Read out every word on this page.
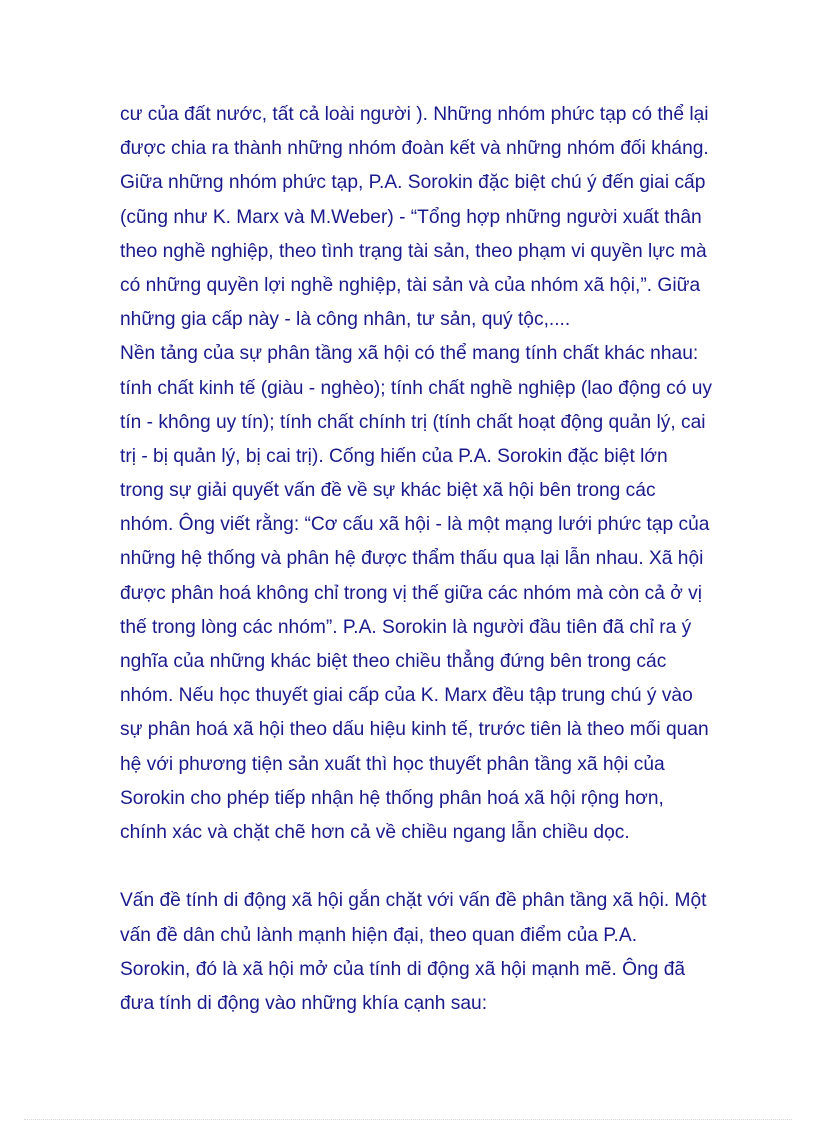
cư của đất nước, tất cả loài người ). Những nhóm phức tạp có thể lại
được chia ra thành những nhóm đoàn kết và những nhóm đối kháng.
Giữa những nhóm phức tạp, P.A. Sorokin đặc biệt chú ý đến giai cấp
(cũng như K. Marx và M.Weber) - “Tổng hợp những người xuất thân
theo nghề nghiệp, theo tình trạng tài sản, theo phạm vi quyền lực mà
có những quyền lợi nghề nghiệp, tài sản và của nhóm xã hội,”. Giữa
những gia cấp này - là công nhân, tư sản, quý tộc,....
Nền tảng của sự phân tầng xã hội có thể mang tính chất khác nhau:
tính chất kinh tế (giàu - nghèo); tính chất nghề nghiệp (lao động có uy
tín - không uy tín); tính chất chính trị (tính chất hoạt động quản lý, cai
trị - bị quản lý, bị cai trị). Cống hiến của P.A. Sorokin đặc biệt lớn
trong sự giải quyết vấn đề về sự khác biệt xã hội bên trong các
nhóm. Ông viết rằng: “Cơ cấu xã hội - là một mạng lưới phức tạp của
những hệ thống và phân hệ được thẩm thấu qua lại lẫn nhau. Xã hội
được phân hoá không chỉ trong vị thế giữa các nhóm mà còn cả ở vị
thế trong lòng các nhóm”. P.A. Sorokin là người đầu tiên đã chỉ ra ý
nghĩa của những khác biệt theo chiều thẳng đứng bên trong các
nhóm. Nếu học thuyết giai cấp của K. Marx đều tập trung chú ý vào
sự phân hoá xã hội theo dấu hiệu kinh tế, trước tiên là theo mối quan
hệ với phương tiện sản xuất thì học thuyết phân tầng xã hội của
Sorokin cho phép tiếp nhận hệ thống phân hoá xã hội rộng hơn,
chính xác và chặt chẽ hơn cả về chiều ngang lẫn chiều dọc.
Vấn đề tính di động xã hội gắn chặt với vấn đề phân tầng xã hội. Một
vấn đề dân chủ lành mạnh hiện đại, theo quan điểm của P.A.
Sorokin, đó là xã hội mở của tính di động xã hội mạnh mẽ. Ông đã
đưa tính di động vào những khía cạnh sau:
